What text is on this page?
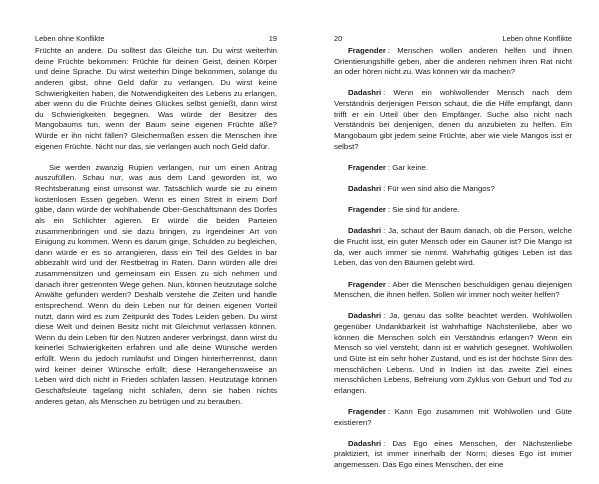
Leben ohne Konflikte	19

Früchte an andere. Du solltest das Gleiche tun. Du wirst weiterhin deine Früchte bekommen: Früchte für deinen Geist, deinen Körper und deine Sprache. Du wirst weiterhin Dinge bekommen, solange du anderen gibst, ohne Geld dafür zu verlangen. Du wirst keine Schwierigkeiten haben, die Notwendigkeiten des Lebens zu erlangen, aber wenn du die Früchte deines Glückes selbst genießt, dann wirst du Schwierigkeiten begegnen. Was würde der Besitzer des Mangobaums tun, wenn der Baum seine eigenen Früchte äße? Würde er ihn nicht fällen? Gleichermaßen essen die Menschen ihre eigenen Früchte. Nicht nur das, sie verlangen auch noch Geld dafür.

Sie werden zwanzig Rupien verlangen, nur um einen Antrag auszufüllen. Schau nur, was aus dem Land geworden ist, wo Rechtsberatung einst umsonst war. Tatsächlich wurde sie zu einem kostenlosen Essen gegeben. Wenn es einen Streit in einem Dorf gäbe, dann würde der wohlhabende Ober-Geschäftsmann des Dorfes als ein Schlichter agieren. Er würde die beiden Parteien zusammenbringen und sie dazu bringen, zu irgendeiner Art von Einigung zu kommen. Wenn es darum ginge, Schulden zu begleichen, dann würde er es so arrangieren, dass ein Teil des Geldes in bar abbezahlt wird und der Restbetrag in Raten. Dann würden alle drei zusammensitzen und gemeinsam ein Essen zu sich nehmen und danach ihrer getrennten Wege gehen. Nun, können heutzutage solche Anwälte gefunden werden? Deshalb verstehe die Zeiten und handle entsprechend. Wenn du dein Leben nur für deinen eigenen Vorteil nutzt, dann wird es zum Zeitpunkt des Todes Leiden geben. Du wirst diese Welt und deinen Besitz nicht mit Gleichmut verlassen können. Wenn du dein Leben für den Nutzen anderer verbringst, dann wirst du keinerlei Schwierigkeiten erfahren und alle deine Wünsche werden erfüllt. Wenn du jedoch rumläufst und Dingen hinterherrennst, dann wird keiner deiner Wünsche erfüllt; diese Herangehensweise an Leben wird dich nicht in Frieden schlafen lassen. Heutzutage können Geschäftsleute tagelang nicht schlafen, denn sie haben nichts anderes getan, als Menschen zu betrügen und zu berauben.

20	Leben ohne Konflikte

Fragender : Menschen wollen anderen helfen und ihnen Orientierungshilfe geben, aber die anderen nehmen ihren Rat nicht an oder hören nicht zu. Was können wir da machen?

Dadashri : Wenn ein wohlwollender Mensch nach dem Verständnis derjenigen Person schaut, die die Hilfe empfängt, dann trifft er ein Urteil über den Empfänger. Suche also nicht nach Verständnis bei denjenigen, denen du anzubieten zu helfen. Ein Mangobaum gibt jedem seine Früchte, aber wie viele Mangos isst er selbst?

Fragender : Gar keine.

Dadashri : Für wen sind also die Mangos?

Fragender : Sie sind für andere.

Dadashri : Ja, schaut der Baum danach, ob die Person, welche die Frucht isst, ein guter Mensch oder ein Gauner ist? Die Mango ist da, wer auch immer sie nimmt. Wahrhaftig gütiges Leben ist das Leben, das von den Bäumen gelebt wird.

Fragender : Aber die Menschen beschuldigen genau diejenigen Menschen, die ihnen helfen. Sollen wir immer noch weiter helfen?

Dadashri : Ja, genau das sollte beachtet werden. Wohlwollen gegenüber Undankbarkeit ist wahrhaftige Nächstenliebe, aber wo können die Menschen solch ein Verständnis erlangen? Wenn ein Mensch so viel versteht, dann ist er wahrlich gesegnet. Wohlwollen und Güte ist ein sehr hoher Zustand, und es ist der höchste Sinn des menschlichen Lebens. Und in Indien ist das zweite Ziel eines menschlichen Lebens, Befreiung vom Zyklus von Geburt und Tod zu erlangen.

Fragender : Kann Ego zusammen mit Wohlwollen und Güte existieren?

Dadashri : Das Ego eines Menschen, der Nächstenliebe praktiziert, ist immer innerhalb der Norm; dieses Ego ist immer angemessen. Das Ego eines Menschen, der eine
